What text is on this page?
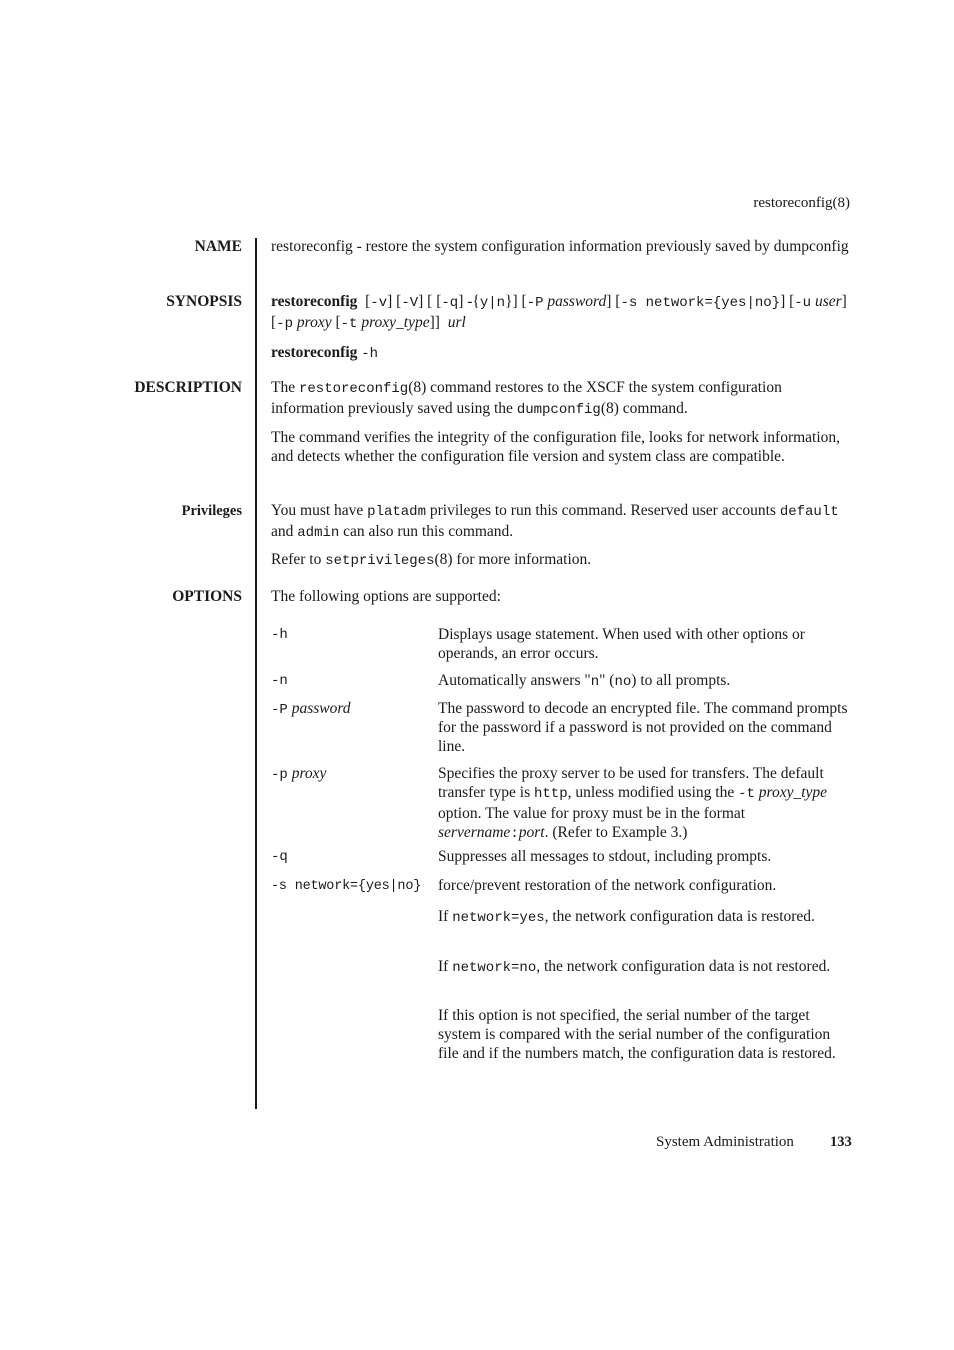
restoreconfig(8)
NAME restoreconfig - restore the system configuration information previously saved by dumpconfig
SYNOPSIS restoreconfig [-v] [-V] [ [-q] -{y|n}] [-P password] [-s network={yes|no}] [-u user] [-p proxy [-t proxy_type]] url

restoreconfig -h
DESCRIPTION The restoreconfig(8) command restores to the XSCF the system configuration information previously saved using the dumpconfig(8) command.
The command verifies the integrity of the configuration file, looks for network information, and detects whether the configuration file version and system class are compatible.
Privileges You must have platadm privileges to run this command. Reserved user accounts default and admin can also run this command.
Refer to setprivileges(8) for more information.
OPTIONS The following options are supported:
-h	Displays usage statement. When used with other options or operands, an error occurs.
-n	Automatically answers "n" (no) to all prompts.
-P password	The password to decode an encrypted file. The command prompts for the password if a password is not provided on the command line.
-p proxy	Specifies the proxy server to be used for transfers. The default transfer type is http, unless modified using the -t proxy_type option. The value for proxy must be in the format servername:port. (Refer to Example 3.)
-q	Suppresses all messages to stdout, including prompts.
-s network={yes|no}	force/prevent restoration of the network configuration.
If network=yes, the network configuration data is restored.
If network=no, the network configuration data is not restored.
If this option is not specified, the serial number of the target system is compared with the serial number of the configuration file and if the numbers match, the configuration data is restored.
System Administration 133
